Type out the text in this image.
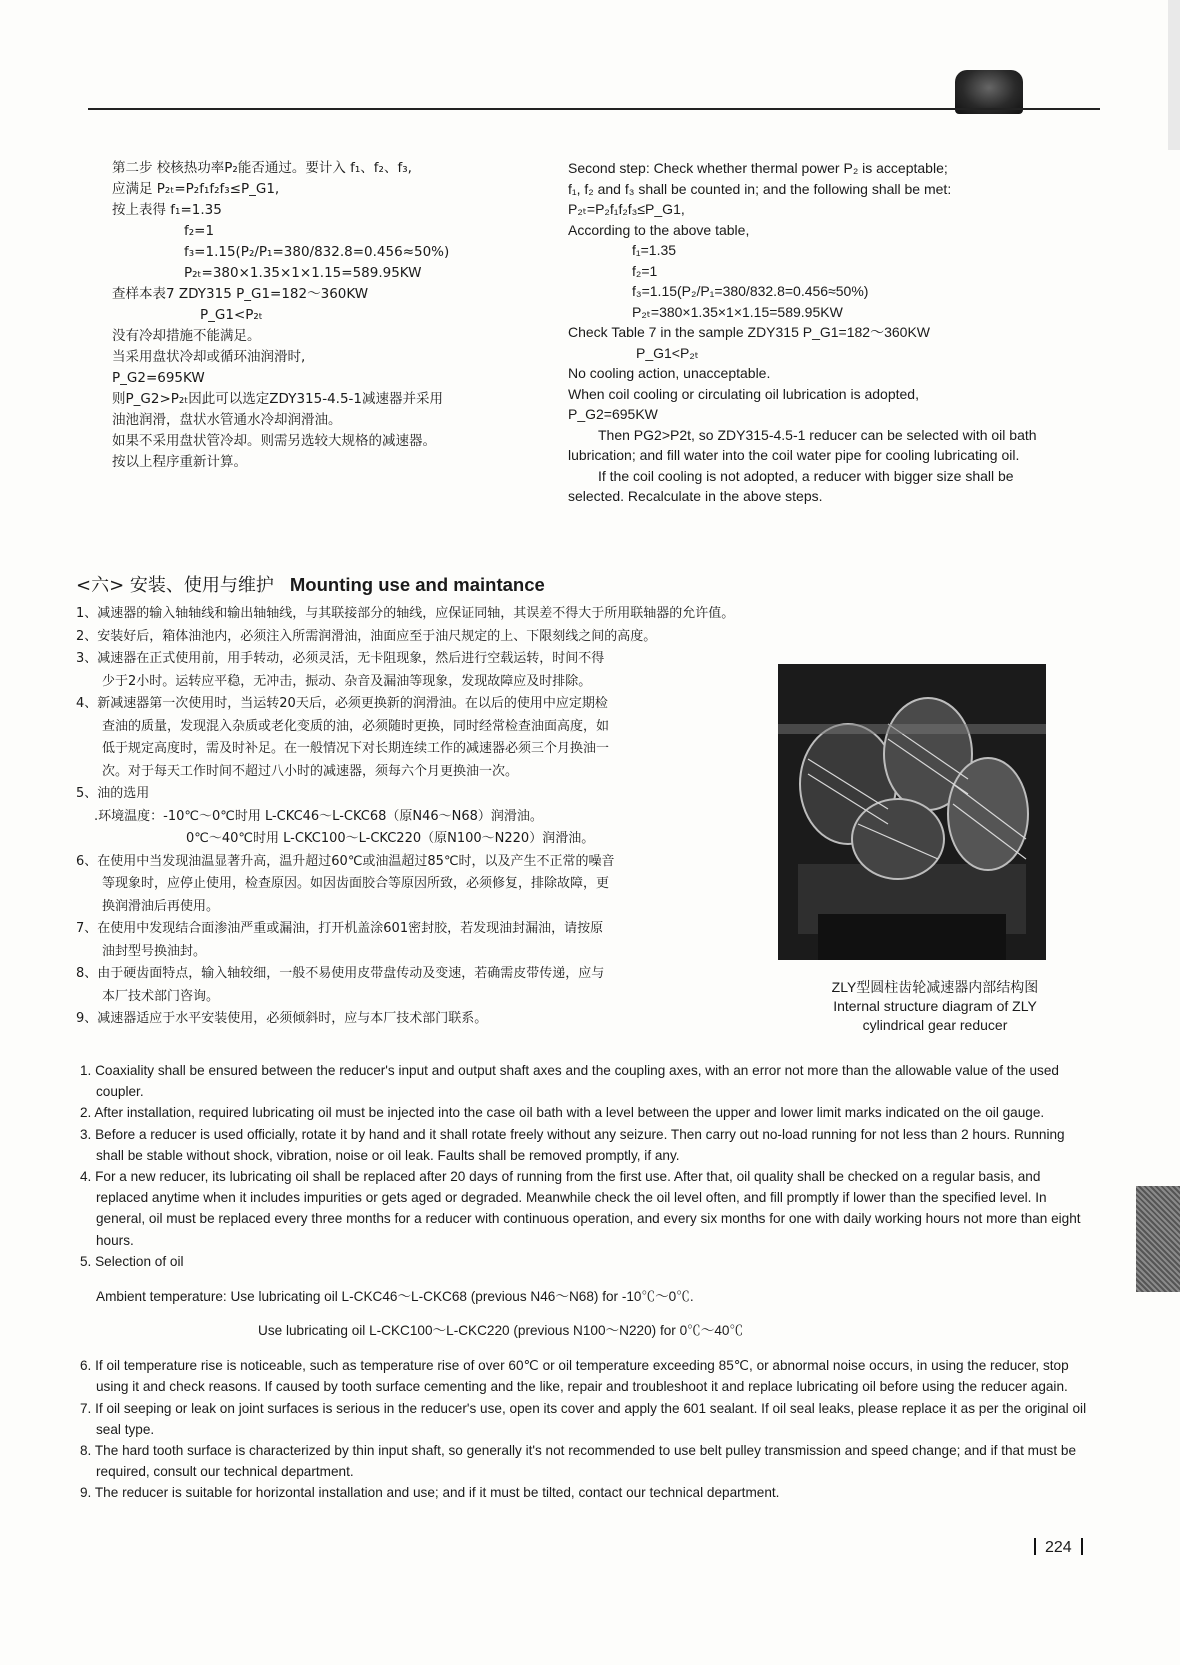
第二步 校核热功率P₂能否通过。要计入 f₁、f₂、f₃,

应满足 P₂ₜ=P₂f₁f₂f₃≤P_G1,

按上表得 f₁=1.35

f₂=1

f₃=1.15(P₂/P₁=380/832.8=0.456≈50%)

P₂ₜ=380×1.35×1×1.15=589.95KW

查样本表7 ZDY315 P_G1=182～360KW

P_G1<P₂ₜ

没有冷却措施不能满足。

当采用盘状冷却或循环油润滑时,

P_G2=695KW

则P_G2>P₂ₜ因此可以选定ZDY315-4.5-1减速器并采用

油池润滑，盘状水管通水冷却润滑油。

如果不采用盘状管冷却。则需另选较大规格的减速器。

按以上程序重新计算。

Second step: Check whether thermal power P₂ is acceptable;

f₁, f₂ and f₃ shall be counted in; and the following shall be met:

P₂ₜ=P₂f₁f₂f₃≤P_G1,

According to the above table,

f₁=1.35

f₂=1

f₃=1.15(P₂/P₁=380/832.8=0.456≈50%)

P₂ₜ=380×1.35×1×1.15=589.95KW

Check Table 7 in the sample ZDY315 P_G1=182～360KW

P_G1<P₂ₜ

No cooling action, unacceptable.

When coil cooling or circulating oil lubrication is adopted,

P_G2=695KW

Then PG2>P2t, so ZDY315-4.5-1 reducer can be selected with oil bath lubrication; and fill water into the coil water pipe for cooling lubricating oil.

If the coil cooling is not adopted, a reducer with bigger size shall be selected. Recalculate in the above steps.

<六> 安装、使用与维护 Mounting use and maintance

1、减速器的输入轴轴线和输出轴轴线，与其联接部分的轴线，应保证同轴，其误差不得大于所用联轴器的允许值。

2、安装好后，箱体油池内，必须注入所需润滑油，油面应至于油尺规定的上、下限刻线之间的高度。

3、减速器在正式使用前，用手转动，必须灵活，无卡阻现象，然后进行空载运转，时间不得

少于2小时。运转应平稳，无冲击，振动、杂音及漏油等现象，发现故障应及时排除。

4、新减速器第一次使用时，当运转20天后，必须更换新的润滑油。在以后的使用中应定期检

查油的质量，发现混入杂质或老化变质的油，必须随时更换，同时经常检查油面高度，如

低于规定高度时，需及时补足。在一般情况下对长期连续工作的减速器必须三个月换油一

次。对于每天工作时间不超过八小时的减速器，须每六个月更换油一次。

5、油的选用

.环境温度：-10℃～0℃时用 L-CKC46～L-CKC68（原N46～N68）润滑油。

0℃～40℃时用 L-CKC100～L-CKC220（原N100～N220）润滑油。

6、在使用中当发现油温显著升高，温升超过60℃或油温超过85℃时，以及产生不正常的噪音

等现象时，应停止使用，检查原因。如因齿面胶合等原因所致，必须修复，排除故障，更

换润滑油后再使用。

7、在使用中发现结合面渗油严重或漏油，打开机盖涂601密封胶，若发现油封漏油，请按原

油封型号换油封。

8、由于硬齿面特点，输入轴较细，一般不易使用皮带盘传动及变速，若确需皮带传递，应与

本厂技术部门咨询。

9、减速器适应于水平安装使用，必须倾斜时，应与本厂技术部门联系。

ZLY型圆柱齿轮减速器内部结构图
Internal structure diagram of ZLY
cylindrical gear reducer

1. Coaxiality shall be ensured between the reducer's input and output shaft axes and the coupling axes, with an error not more than the allowable value of the used coupler.

2. After installation, required lubricating oil must be injected into the case oil bath with a level between the upper and lower limit marks indicated on the oil gauge.

3. Before a reducer is used officially, rotate it by hand and it shall rotate freely without any seizure. Then carry out no-load running for not less than 2 hours. Running shall be stable without shock, vibration, noise or oil leak. Faults shall be removed promptly, if any.

4. For a new reducer, its lubricating oil shall be replaced after 20 days of running from the first use. After that, oil quality shall be checked on a regular basis, and replaced anytime when it includes impurities or gets aged or degraded. Meanwhile check the oil level often, and fill promptly if lower than the specified level. In general, oil must be replaced every three months for a reducer with continuous operation, and every six months for one with daily working hours not more than eight hours.

5. Selection of oil

Ambient temperature: Use lubricating oil L-CKC46～L-CKC68 (previous N46～N68) for -10℃～0℃.

Use lubricating oil L-CKC100～L-CKC220 (previous N100～N220) for 0℃～40℃

6. If oil temperature rise is noticeable, such as temperature rise of over 60℃ or oil temperature exceeding 85℃, or abnormal noise occurs, in using the reducer, stop using it and check reasons. If caused by tooth surface cementing and the like, repair and troubleshoot it and replace lubricating oil before using the reducer again.

7. If oil seeping or leak on joint surfaces is serious in the reducer's use, open its cover and apply the 601 sealant. If oil seal leaks, please replace it as per the original oil seal type.

8. The hard tooth surface is characterized by thin input shaft, so generally it's not recommended to use belt pulley transmission and speed change; and if that must be required, consult our technical department.

9. The reducer is suitable for horizontal installation and use; and if it must be tilted, contact our technical department.

224
